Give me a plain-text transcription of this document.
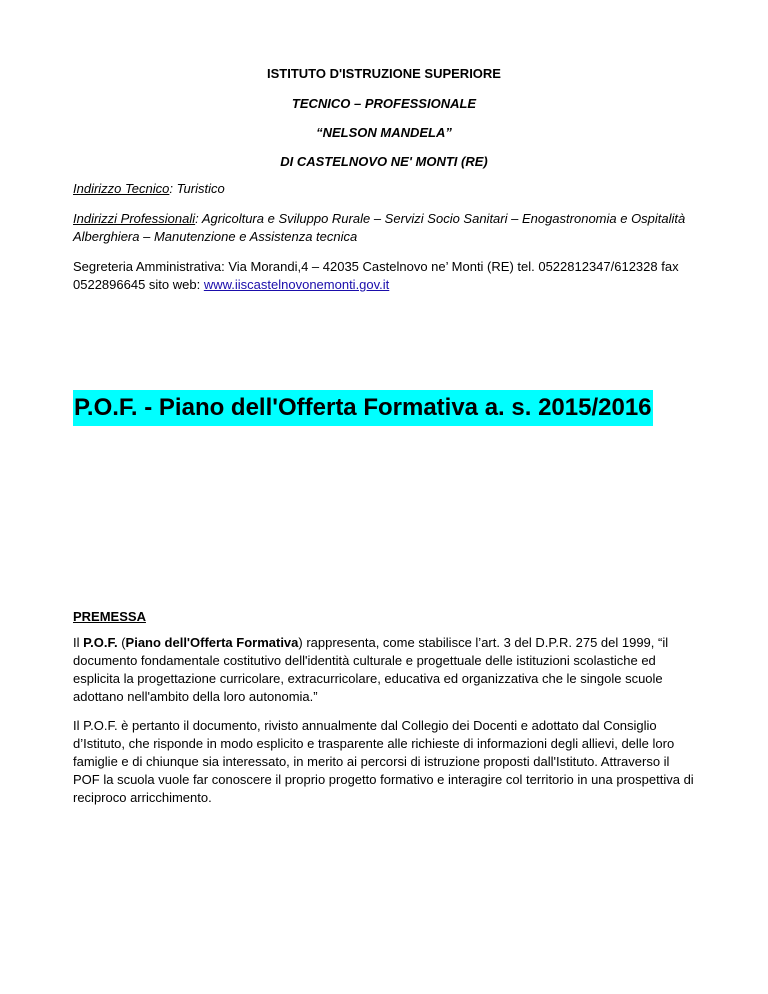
ISTITUTO D'ISTRUZIONE SUPERIORE
TECNICO – PROFESSIONALE
“NELSON MANDELA”
DI CASTELNOVO NE' MONTI (RE)

Indirizzo Tecnico: Turistico

Indirizzi Professionali: Agricoltura e Sviluppo Rurale – Servizi Socio Sanitari – Enogastronomia e Ospitalità Alberghiera – Manutenzione e Assistenza tecnica

Segreteria Amministrativa: Via Morandi,4 – 42035 Castelnovo ne’ Monti (RE) tel. 0522812347/612328 fax 0522896645 sito web: www.iiscastelnovonemonti.gov.it

P.O.F. - Piano dell'Offerta Formativa a. s. 2015/2016
PREMESSA

Il P.O.F. (Piano dell'Offerta Formativa) rappresenta, come stabilisce l’art. 3 del D.P.R. 275 del 1999, “il documento fondamentale costitutivo dell'identità culturale e progettuale delle istituzioni scolastiche ed esplicita la progettazione curricolare, extracurricolare, educativa ed organizzativa che le singole scuole adottano nell'ambito della loro autonomia.”

Il P.O.F. è pertanto il documento, rivisto annualmente dal Collegio dei Docenti e adottato dal Consiglio d’Istituto, che risponde in modo esplicito e trasparente alle richieste di informazioni degli allievi, delle loro famiglie e di chiunque sia interessato, in merito ai percorsi di istruzione proposti dall'Istituto. Attraverso il POF la scuola vuole far conoscere il proprio progetto formativo e interagire col territorio in una prospettiva di reciproco arricchimento.
